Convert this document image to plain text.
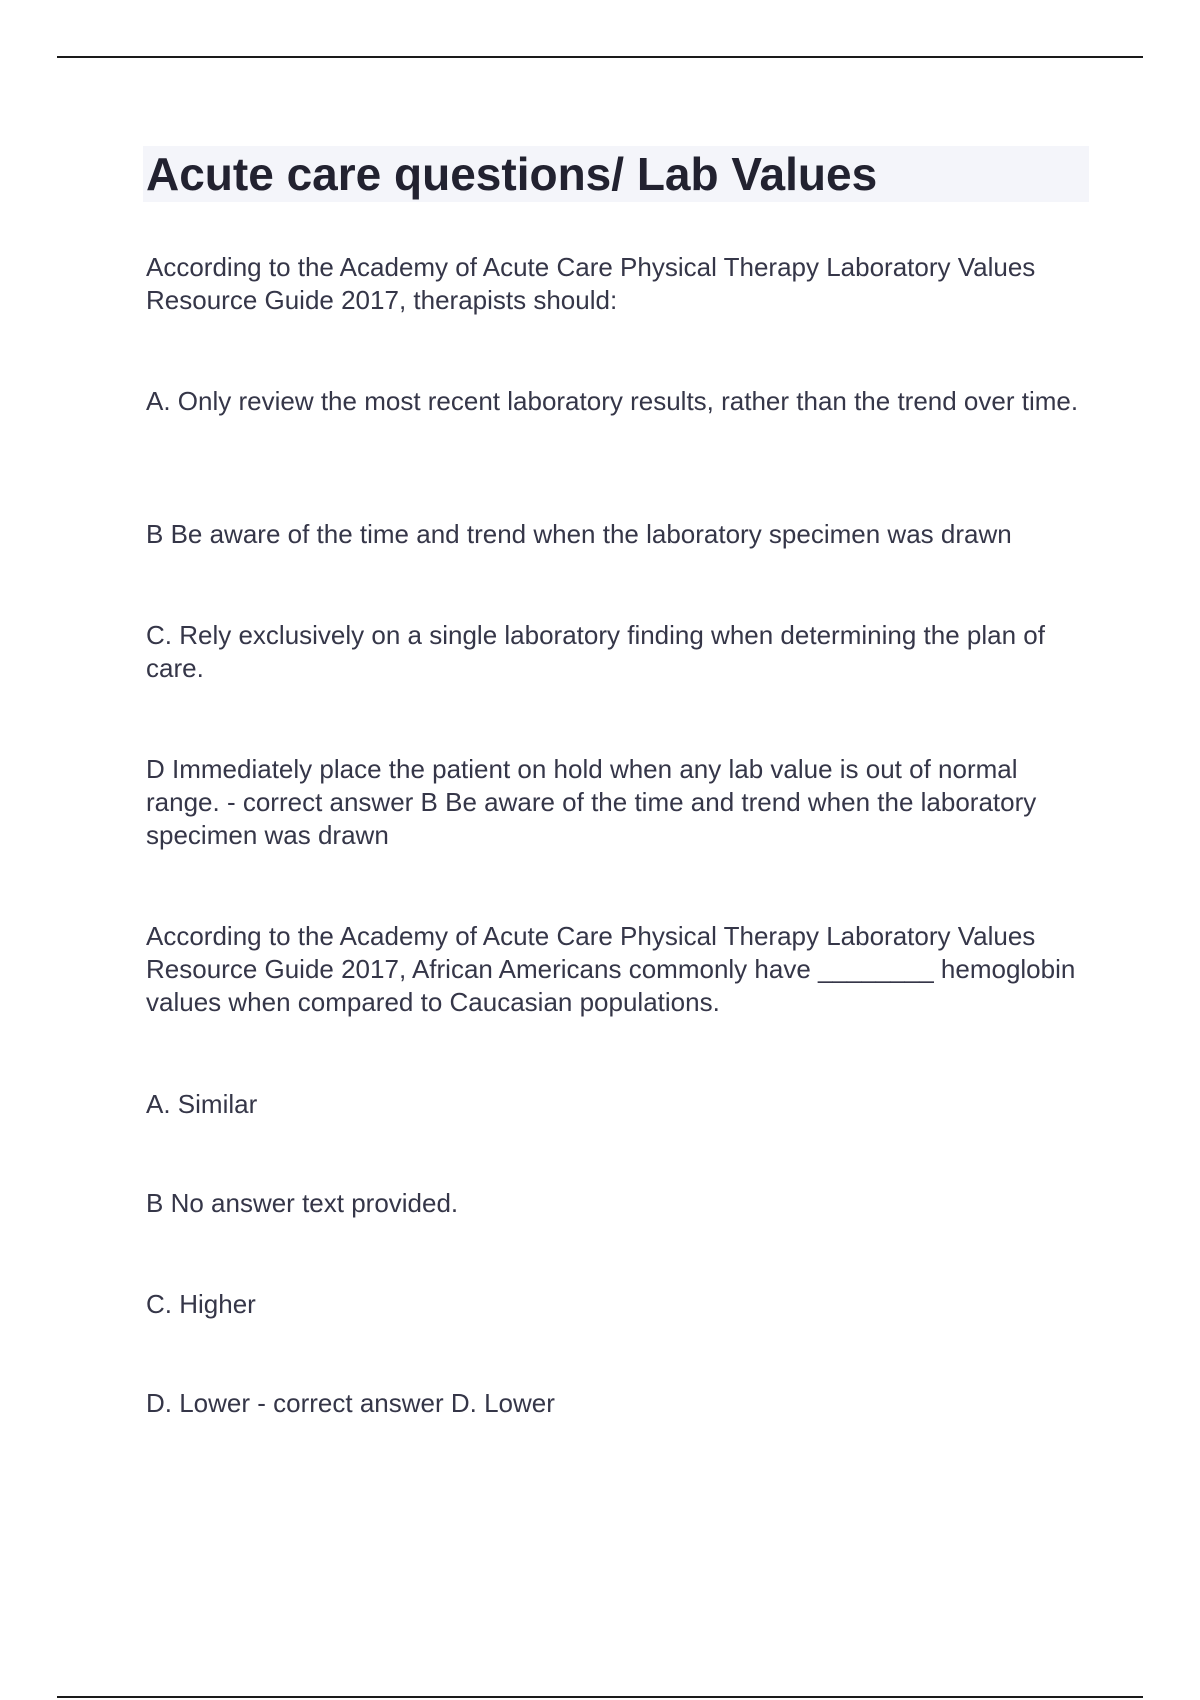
Acute care questions/ Lab Values

According to the Academy of Acute Care Physical Therapy Laboratory Values Resource Guide 2017, therapists should:

A. Only review the most recent laboratory results, rather than the trend over time.

B Be aware of the time and trend when the laboratory specimen was drawn

C. Rely exclusively on a single laboratory finding when determining the plan of care.

D Immediately place the patient on hold when any lab value is out of normal range. - correct answer B Be aware of the time and trend when the laboratory specimen was drawn

According to the Academy of Acute Care Physical Therapy Laboratory Values Resource Guide 2017, African Americans commonly have ________ hemoglobin values when compared to Caucasian populations.

A. Similar

B No answer text provided.

C. Higher

D. Lower - correct answer D. Lower
